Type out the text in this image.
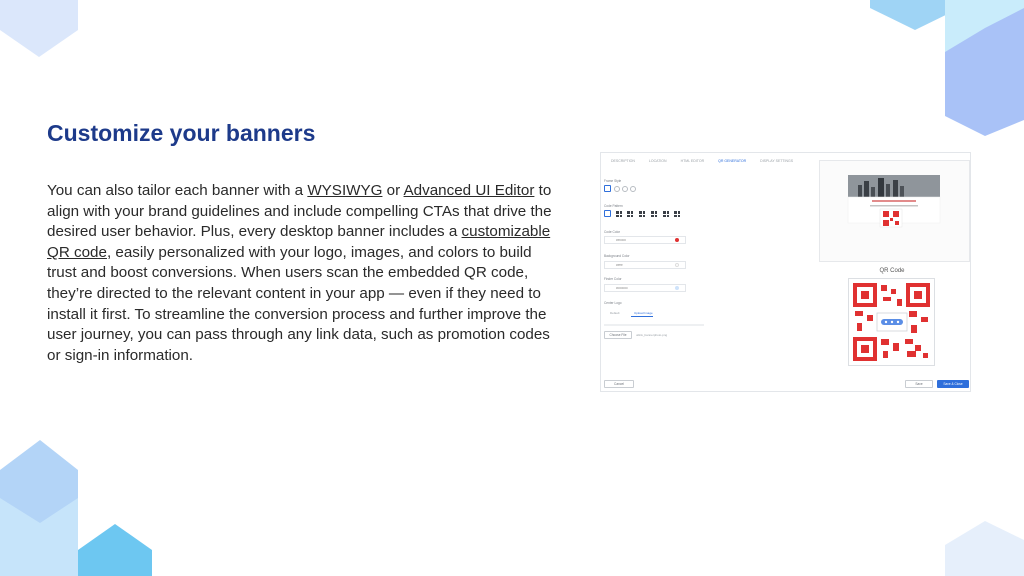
Customize your banners

You can also tailor each banner with a WYSIWYG or Advanced UI Editor to align with your brand guidelines and include compelling CTAs that drive the desired user behavior. Plus, every desktop banner includes a customizable QR code, easily personalized with your logo, images, and colors to build trust and boost conversions. When users scan the embedded QR code, they’re directed to the relevant content in your app — even if they need to install it first. To streamline the conversion process and further improve the user journey, you can pass through any link data, such as promotion codes or sign-in information.

DESCRIPTION	LOCATION	HTML EDITOR	QR GENERATOR	DISPLAY SETTINGS
Frame Style
Code Pattern
Code Color
#ff0000
Background Color
#ffffff
Finder Color
#000000
Center Logo
Default	Upload Image
Choose File	uilink_bannerphoto.png
QR Code
Cancel	Save	Save & Close
